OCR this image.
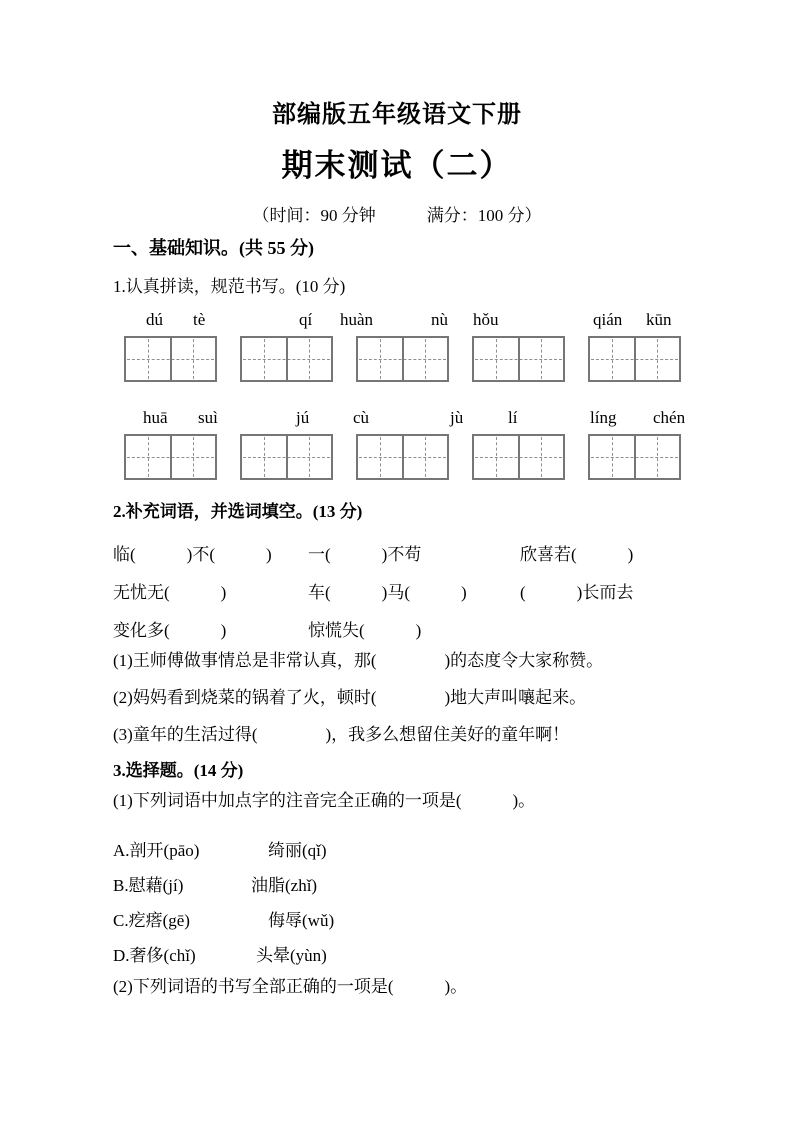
部编版五年级语文下册
期末测试（二）
（时间：90 分钟　　　满分：100 分）
一、基础知识。(共 55 分)
1.认真拼读，规范书写。(10 分)
dú tè	qí huàn	nù hǒu	qián kūn
huā suì	jú	cù	jù	lí	líng chén
2.补充词语，并选词填空。(13 分)
临(　　　)不(　　　) 一(　　　)不苟	欣喜若(　　　)
无忧无(　　　)	车(　　　)马(　　　)	(　　　)长而去
变化多(　　　)	惊慌失(　　　)
(1)王师傅做事情总是非常认真，那(　　　　)的态度令大家称赞。
(2)妈妈看到烧菜的锅着了火，顿时(　　　　)地大声叫嚷起来。
(3)童年的生活过得(　　　　)，我多么想留住美好的童年啊！
3.选择题。(14 分)
(1)下列词语中加点字的注音完全正确的一项是(　　　)。
A.剖开(pāo)	绮丽(qǐ)
B.慰藉(jí)	油脂(zhǐ)
C.疙瘩(gē)	侮辱(wǔ)
D.奢侈(chǐ)	头晕(yùn)
(2)下列词语的书写全部正确的一项是(　　　)。
